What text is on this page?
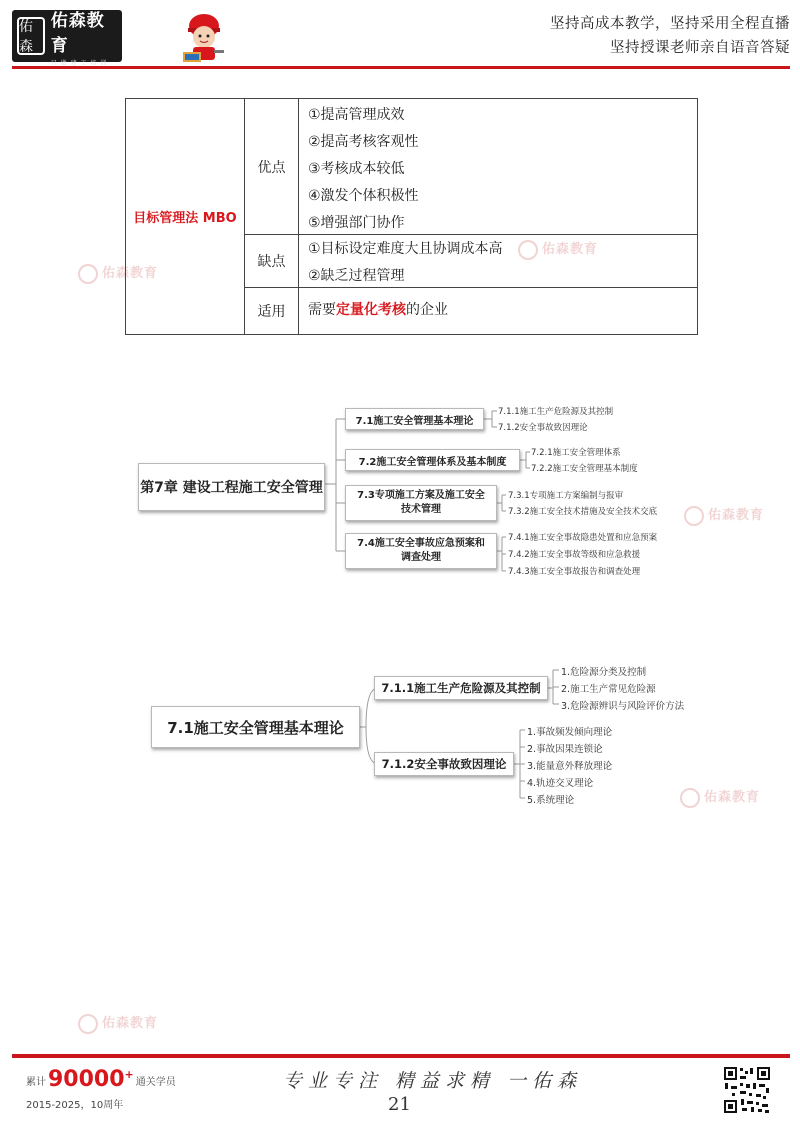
佑森
佑森教育
只 做 建 工 培 训
坚持高成本教学，坚持采用全程直播
坚持授课老师亲自语音答疑
佑森教育
佑森教育
佑森教育
佑森教育
佑森教育
目标管理法 MBO
优点
①提高管理成效
②提高考核客观性
③考核成本较低
④激发个体积极性
⑤增强部门协作
缺点
①目标设定难度大且协调成本高
②缺乏过程管理
适用	需要定量化考核的企业
第7章 建设工程施工安全管理
7.1施工安全管理基本理论
7.1.1施工生产危险源及其控制
7.1.2安全事故致因理论
7.2施工安全管理体系及基本制度
7.2.1施工安全管理体系
7.2.2施工安全管理基本制度
7.3专项施工方案及施工安全技术管理
7.3.1专项施工方案编制与报审
7.3.2施工安全技术措施及安全技术交底
7.4施工安全事故应急预案和调查处理
7.4.1施工安全事故隐患处置和应急预案
7.4.2施工安全事故等级和应急救援
7.4.3施工安全事故报告和调查处理
7.1施工安全管理基本理论
7.1.1施工生产危险源及其控制
1.危险源分类及控制
2.施工生产常见危险源
3.危险源辨识与风险评价方法
7.1.2安全事故致因理论
1.事故频发倾向理论
2.事故因果连锁论
3.能量意外释放理论
4.轨迹交叉理论
5.系统理论
累计 90000 +
通关学员
2015-2025，10周年
专业专注 精益求精 一佑森
21
